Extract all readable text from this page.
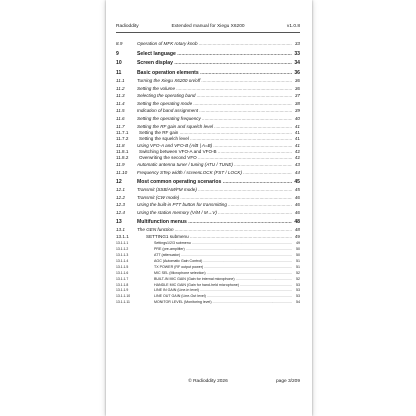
Radioddity	Extended manual for Xiegu X6200	v1.0.8
8.9	Operation of MFK rotary knob .....	33
9	Select language .....	33
10	Screen display .....	34
11	Basic operation elements .....	36
11.1	Turning the Xiegu X6200 on/off .....	36
11.2	Setting the volume .....	36
11.3	Selecting the operating band .....	37
11.4	Setting the operating mode .....	38
11.5	Indication of band assignment .....	39
11.6	Setting the operating frequency .....	40
11.7	Setting the RF gain and squelch level .....	41
11.7.1 Setting the RF gain .....	41
11.7.2 Setting the squelch level .....	41
11.8	Using VFO-A and VFO-B (A/B | A=B) .....	41
11.8.1 Switching between VFO-A and VFO-B .....	42
11.8.2 Overwriting the second VFO .....	42
11.9	Automatic antenna tuner / tuning (ATU / TUNE) .....	43
11.10 Frequency STep width / screenLOCK (FST / LOCK) .....	44
12	Most common operating scenarios .....	45
12.1	Transmit (SSB/AM/FM mode) .....	45
12.2	Transmit (CW mode) .....	46
12.3	Using the built-in PTT button for transmitting .....	46
12.4	Using the station memory (V/M / M→V) .....	46
13	Multifunction menus .....	48
13.1	The GEN function .....	48
13.1.1	SETTING1 submenu .....	49
13.1.1.1	Settings1/2/3 submenu .....	49
13.1.1.2	PRE (pre-amplifier) .....	50
13.1.1.3	ATT (attenuator) .....	50
13.1.1.4	AGC (Automatic Gain Control) .....	51
13.1.1.5	TX POWER (RF output power) .....	51
13.1.1.6	MIC SEL (Microphone selection) .....	52
13.1.1.7	BUILT-IN MIC GAIN (Gain for internal microphone) .....	52
13.1.1.8	HANDLE MIC GAIN (Gain for hand-held microphone) .....	53
13.1.1.9	LINE IN GAIN (Line-in level) .....	53
13.1.1.10	LINE OUT GAIN (Line-Out level) .....	53
13.1.1.11	MONITOR LEVEL (Monitoring level) .....	54
© Radioddity 2026	page 3/209
